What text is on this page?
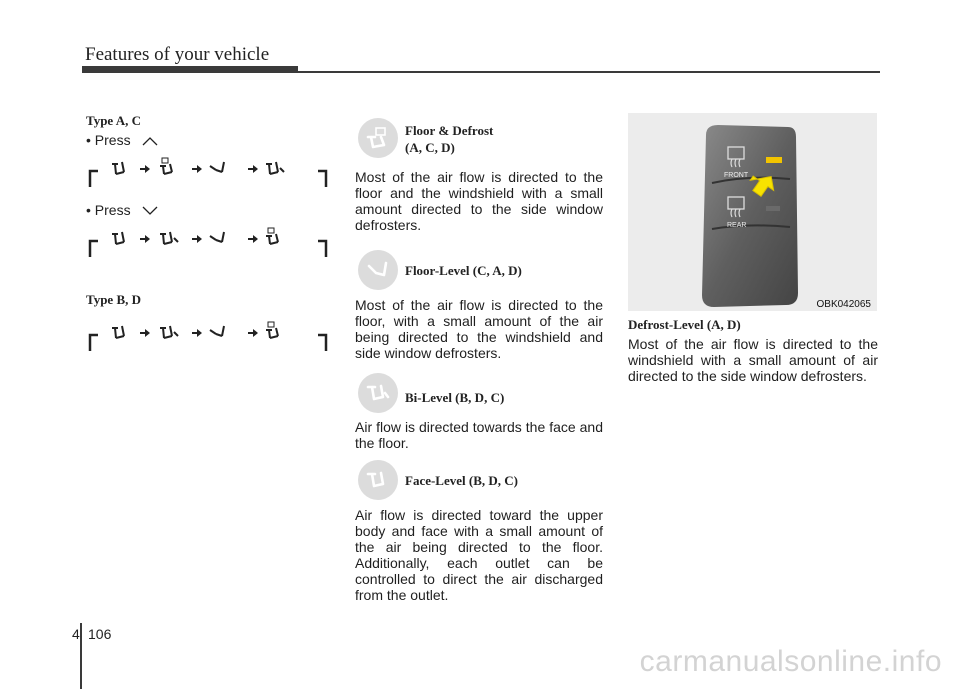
Features of your vehicle
Type A, C
• Press
• Press
Type B, D
Floor & Defrost
(A, C, D)
Most of the air flow is directed to the floor and the windshield with a small amount directed to the side window defrosters.
Floor-Level (C, A, D)
Most of the air flow is directed to the floor, with a small amount of the air being directed to the windshield and side window defrosters.
Bi-Level (B, D, C)
Air flow is directed towards the face and the floor.
Face-Level (B, D, C)
Air flow is directed toward the upper body and face with a small amount of the air being directed to the floor. Additionally, each outlet can be controlled to direct the air discharged from the outlet.
FRONT
REAR
OBK042065
Defrost-Level (A, D)
Most of the air flow is directed to the windshield with a small amount of air directed to the side window defrosters.
4 106
carmanualsonline.info
